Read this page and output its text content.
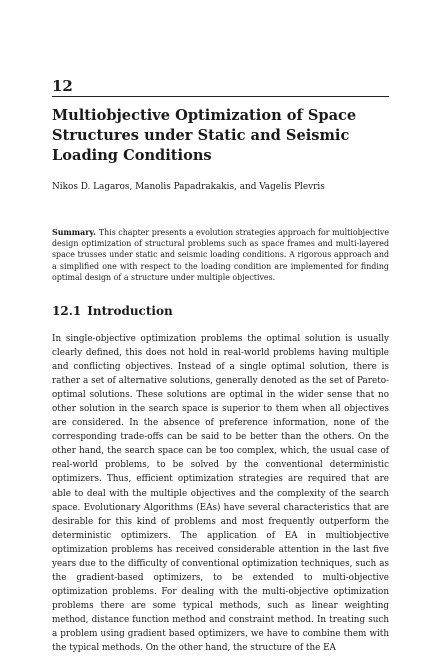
12
Multiobjective Optimization of Space Structures under Static and Seismic Loading Conditions
Nikos D. Lagaros, Manolis Papadrakakis, and Vagelis Plevris

Summary. This chapter presents a evolution strategies approach for multiobjective design optimization of structural problems such as space frames and multi-layered space trusses under static and seismic loading conditions. A rigorous approach and a simplified one with respect to the loading condition are implemented for finding optimal design of a structure under multiple objectives.

12.1 Introduction

In single-objective optimization problems the optimal solution is usually clearly defined, this does not hold in real-world problems having multiple and conflicting objectives. Instead of a single optimal solution, there is rather a set of alternative solutions, generally denoted as the set of Pareto-optimal solutions. These solutions are optimal in the wider sense that no other solution in the search space is superior to them when all objectives are considered. In the absence of preference information, none of the corresponding trade-offs can be said to be better than the others. On the other hand, the search space can be too complex, which, the usual case of real-world problems, to be solved by the conventional deterministic optimizers. Thus, efficient optimization strategies are required that are able to deal with the multiple objectives and the complexity of the search space. Evolutionary Algorithms (EAs) have several characteristics that are desirable for this kind of problems and most frequently outperform the deterministic optimizers. The application of EA in multiobjective optimization problems has received considerable attention in the last five years due to the difficulty of conventional optimization techniques, such as the gradient-based optimizers, to be extended to multi-objective optimization problems. For dealing with the multi-objective optimization problems there are some typical methods, such as linear weighting method, distance function method and constraint method. In treating such a problem using gradient based optimizers, we have to combine them with the typical methods. On the other hand, the structure of the EA
